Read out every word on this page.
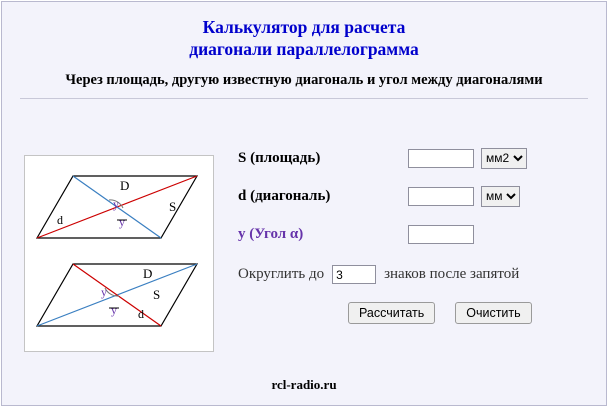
Калькулятор для расчета
диагонали параллелограмма
Через площадь, другую известную диагональ и угол между диагоналями
D
S
d
y
y
D
S
d
y
y
S (площадь)
мм2
d (диагональ)
мм
y (Угол α)
Округлить до
3	знаков после запятой
Рассчитать	Очистить
rcl-radio.ru
